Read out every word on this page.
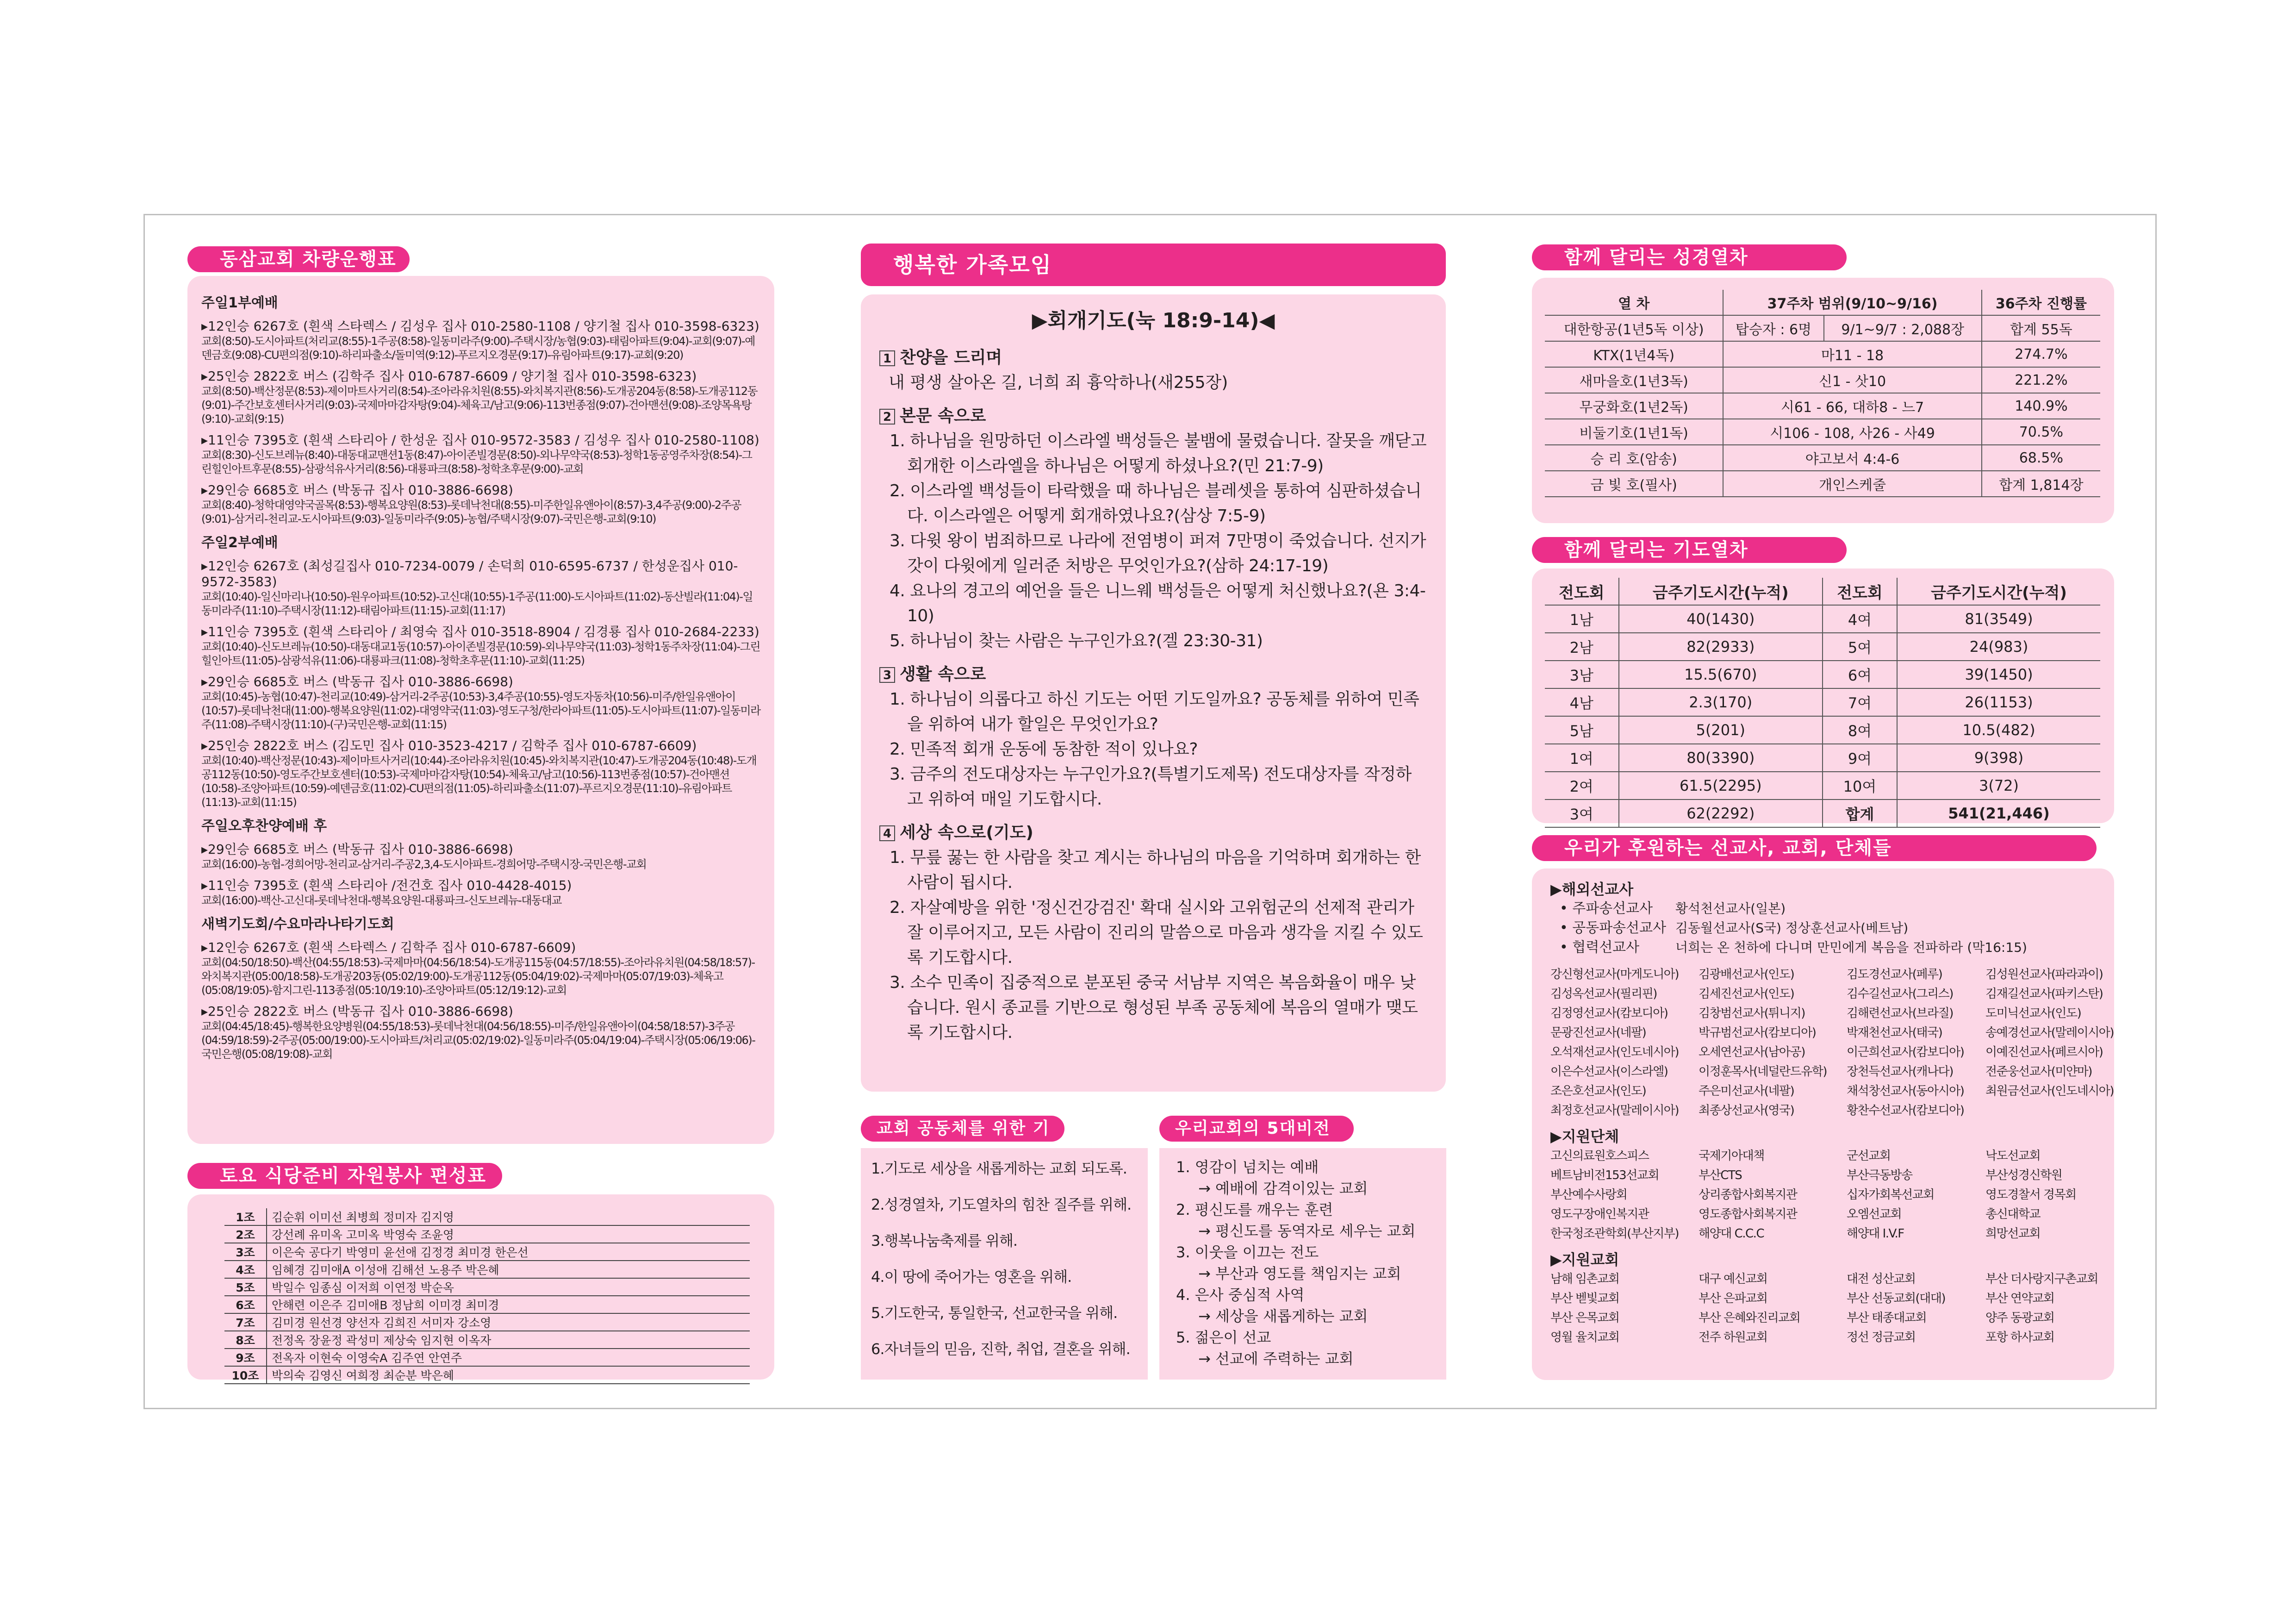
동삼교회 차량운행표
주일1부예배
▸12인승 6267호 (흰색 스타렉스 / 김성우 집사 010-2580-1108 / 양기철 집사 010-3598-6323)
교회(8:50)-도시아파트(처리교(8:55)-1주공(8:58)-일동미라주(9:00)-주택시장/농협(9:03)-태림아파트(9:04)-교회(9:07)-예덴금호(9:08)-CU편의점(9:10)-하리파출소/돌미역(9:12)-푸르지오경문(9:17)-유림아파트(9:17)-교회(9:20)
▸25인승 2822호 버스 (김학주 집사 010-6787-6609 / 양기철 집사 010-3598-6323)
교회(8:50)-백산정문(8:53)-제이마트사거리(8:54)-조아라유치원(8:55)-와치복지관(8:56)-도개공204동(8:58)-도개공112동(9:01)-주간보호센터사거리(9:03)-국제마마감자탕(9:04)-체육고/남고(9:06)-113번종점(9:07)-건아맨션(9:08)-조양목욕탕(9:10)-교회(9:15)
▸11인승 7395호 (흰색 스타리아 / 한성운 집사 010-9572-3583 / 김성우 집사 010-2580-1108)
교회(8:30)-신도브레뉴(8:40)-대동대교맨션1동(8:47)-아이존빌경문(8:50)-외나무약국(8:53)-청학1동공영주차장(8:54)-그린힐인아트후문(8:55)-삼광석유사거리(8:56)-대룡파크(8:58)-청학초후문(9:00)-교회
▸29인승 6685호 버스 (박동규 집사 010-3886-6698)
교회(8:40)-청학대영약국골목(8:53)-행복요양원(8:53)-롯데낙천대(8:55)-미주한일유앤아이(8:57)-3,4주공(9:00)-2주공(9:01)-삼거리-천리교-도시아파트(9:03)-일동미라주(9:05)-농협/주택시장(9:07)-국민은행-교회(9:10)
주일2부예배
▸12인승 6267호 (최성길집사 010-7234-0079 / 손덕희 010-6595-6737 / 한성운집사 010-9572-3583)
교회(10:40)-일신마리나(10:50)-원우아파트(10:52)-고신대(10:55)-1주공(11:00)-도시아파트(11:02)-동산빌라(11:04)-일동미라주(11:10)-주택시장(11:12)-태림아파트(11:15)-교회(11:17)
▸11인승 7395호 (흰색 스타리아 / 최영숙 집사 010-3518-8904 / 김경룡 집사 010-2684-2233)
교회(10:40)-신도브레뉴(10:50)-대동대교1동(10:57)-아이존빌경문(10:59)-외나무약국(11:03)-청학1동주차장(11:04)-그린힐인아트(11:05)-삼광석유(11:06)-대룡파크(11:08)-청학초후문(11:10)-교회(11:25)
▸29인승 6685호 버스 (박동규 집사 010-3886-6698)
교회(10:45)-농협(10:47)-천리교(10:49)-삼거리-2주공(10:53)-3,4주공(10:55)-영도자동차(10:56)-미주/한일유앤아이(10:57)-롯데낙천대(11:00)-행복요양원(11:02)-대영약국(11:03)-영도구청/한라아파트(11:05)-도시아파트(11:07)-일동미라주(11:08)-주택시장(11:10)-(구)국민은행-교회(11:15)
▸25인승 2822호 버스 (김도민 집사 010-3523-4217 / 김학주 집사 010-6787-6609)
교회(10:40)-백산정문(10:43)-제이마트사거리(10:44)-조아라유치원(10:45)-와치복지관(10:47)-도개공204동(10:48)-도개공112동(10:50)-영도주간보호센터(10:53)-국제마마감자탕(10:54)-체육고/남고(10:56)-113번종점(10:57)-건아맨션(10:58)-조양아파트(10:59)-예덴금호(11:02)-CU편의점(11:05)-하리파출소(11:07)-푸르지오경문(11:10)-유림아파트(11:13)-교회(11:15)
주일오후찬양예배 후
▸29인승 6685호 버스 (박동규 집사 010-3886-6698)
교회(16:00)-농협-경희어망-천리교-삼거리-주공2,3,4-도시아파트-경희어망-주택시장-국민은행-교회
▸11인승 7395호 (흰색 스타리아 /전건호 집사 010-4428-4015)
교회(16:00)-백산-고신대-롯데낙천대-행복요양원-대룡파크-신도브레뉴-대동대교
새벽기도회/수요마라나타기도회
▸12인승 6267호 (흰색 스타렉스 / 김학주 집사 010-6787-6609)
교회(04:50/18:50)-백산(04:55/18:53)-국제마마(04:56/18:54)-도개공115동(04:57/18:55)-조아라유치원(04:58/18:57)-와치복지관(05:00/18:58)-도개공203동(05:02/19:00)-도개공112동(05:04/19:02)-국제마마(05:07/19:03)-체육고(05:08/19:05)-함지그린-113종점(05:10/19:10)-조양아파트(05:12/19:12)-교회
▸25인승 2822호 버스 (박동규 집사 010-3886-6698)
교회(04:45/18:45)-행복한요양병원(04:55/18:53)-롯데낙천대(04:56/18:55)-미주/한일유앤아이(04:58/18:57)-3주공(04:59/18:59)-2주공(05:00/19:00)-도시아파트/처리교(05:02/19:02)-일동미라주(05:04/19:04)-주택시장(05:06/19:06)-국민은행(05:08/19:08)-교회
토요 식당준비 자원봉사 편성표
1조	김순휘 이미선 최병희 정미자 김지영
2조	강선례 유미옥 고미옥 박영숙 조윤영
3조	이은숙 공다기 박영미 윤선애 김정경 최미경 한은선
4조	임혜경 김미애A 이성애 김해선 노용주 박은혜
5조	박일수 임종심 이저희 이연정 박순옥
6조	안해련 이은주 김미애B 정남희 이미경 최미경
7조	김미경 원선경 양선자 김희진 서미자 강소영
8조	전정옥 장윤정 곽성미 제상숙 임지현 이옥자
9조	전옥자 이현숙 이영숙A 김주연 안연주
10조	박의숙 김영신 여희정 최순분 박은혜
행복한 가족모임
▶회개기도(눅 18:9-14)◀
1 찬양을 드리며
내 평생 살아온 길, 너희 죄 흉악하나(새255장)
2 본문 속으로
1. 하나님을 원망하던 이스라엘 백성들은 불뱀에 물렸습니다. 잘못을 깨닫고 회개한 이스라엘을 하나님은 어떻게 하셨나요?(민 21:7-9)
2. 이스라엘 백성들이 타락했을 때 하나님은 블레셋을 통하여 심판하셨습니다. 이스라엘은 어떻게 회개하였나요?(삼상 7:5-9)
3. 다윗 왕이 범죄하므로 나라에 전염병이 퍼져 7만명이 죽었습니다. 선지가 갓이 다윗에게 일러준 처방은 무엇인가요?(삼하 24:17-19)
4. 요나의 경고의 예언을 들은 니느웨 백성들은 어떻게 처신했나요?(욘 3:4-10)
5. 하나님이 찾는 사람은 누구인가요?(겔 23:30-31)
3 생활 속으로
1. 하나님이 의롭다고 하신 기도는 어떤 기도일까요? 공동체를 위하여 민족을 위하여 내가 할일은 무엇인가요?
2. 민족적 회개 운동에 동참한 적이 있나요?
3. 금주의 전도대상자는 누구인가요?(특별기도제목) 전도대상자를 작정하고 위하여 매일 기도합시다.
4 세상 속으로(기도)
1. 무릎 꿇는 한 사람을 찾고 계시는 하나님의 마음을 기억하며 회개하는 한 사람이 됩시다.
2. 자살예방을 위한 '정신건강검진' 확대 실시와 고위험군의 선제적 관리가 잘 이루어지고, 모든 사람이 진리의 말씀으로 마음과 생각을 지킬 수 있도록 기도합시다.
3. 소수 민족이 집중적으로 분포된 중국 서남부 지역은 복음화율이 매우 낮습니다. 원시 종교를 기반으로 형성된 부족 공동체에 복음의 열매가 맺도록 기도합시다.
교회 공동체를 위한 기
1.기도로 세상을 새롭게하는 교회 되도록.
2.성경열차, 기도열차의 힘찬 질주를 위해.
3.행복나눔축제를 위해.
4.이 땅에 죽어가는 영혼을 위해.
5.기도한국, 통일한국, 선교한국을 위해.
6.자녀들의 믿음, 진학, 취업, 결혼을 위해.
우리교회의 5대비전
1. 영감이 넘치는 예배
→ 예배에 감격이있는 교회
2. 평신도를 깨우는 훈련
→ 평신도를 동역자로 세우는 교회
3. 이웃을 이끄는 전도
→ 부산과 영도를 책임지는 교회
4. 은사 중심적 사역
→ 세상을 새롭게하는 교회
5. 젊은이 선교
→ 선교에 주력하는 교회
함께 달리는 성경열차
열 차	37주차 범위(9/10~9/16)		36주차 진행률
대한항공(1년5독 이상)	탑승자 : 6명	9/1~9/7 : 2,088장	합계 55독
KTX(1년4독)	마11 - 18		274.7%
새마을호(1년3독)	신1 - 삿10		221.2%
무궁화호(1년2독)	시61 - 66, 대하8 - 느7		140.9%
비둘기호(1년1독)	시106 - 108, 사26 - 사49		70.5%
승 리 호(암송)	야고보서 4:4-6		68.5%
금 빛 호(필사)	개인스케줄		합계 1,814장
함께 달리는 기도열차
전도회	금주기도시간(누적)	전도회	금주기도시간(누적)
1남	40(1430)	4여	81(3549)
2남	82(2933)	5여	24(983)
3남	15.5(670)	6여	39(1450)
4남	2.3(170)	7여	26(1153)
5남	5(201)	8여	10.5(482)
1여	80(3390)	9여	9(398)
2여	61.5(2295)	10여	3(72)
3여	62(2292)	합계	541(21,446)
우리가 후원하는 선교사, 교회, 단체들
▶해외선교사
• 주파송선교사	황석천선교사(일본)
• 공동파송선교사 김동월선교사(S국) 정상훈선교사(베트남)
• 협력선교사	너희는 온 천하에 다니며 만민에게 복음을 전파하라 (막16:15)
강신형선교사(마게도니아)	김광배선교사(인도)	김도경선교사(페루)	김성원선교사(파라과이)
김성옥선교사(필리핀)	김세진선교사(인도)	김수길선교사(그리스)	김재길선교사(파키스탄)
김정영선교사(캄보디아)	김창범선교사(튀니지)	김해련선교사(브라질)	도미닉선교사(인도)
문광진선교사(네팔)	박규범선교사(캄보디아)	박재천선교사(태국)	송예경선교사(말레이시아)
오석재선교사(인도네시아)	오세연선교사(남아공)	이근희선교사(캄보디아)	이예진선교사(페르시아)
이은수선교사(이스라엘)	이정훈목사(네덜란드유학)	장천득선교사(캐나다)	전준웅선교사(미얀마)
조은호선교사(인도)	주은미선교사(네팔)	채석창선교사(동아시아)	최원금선교사(인도네시아)
최정호선교사(말레이시아)	최종상선교사(영국)	황찬수선교사(캄보디아)
▶지원단체
고신의료원호스피스	국제기아대책	군선교회	낙도선교회
베트남비전153선교회	부산CTS	부산극동방송	부산성경신학원
부산예수사랑회	상리종합사회복지관	십자가회복선교회	영도경찰서 경목회
영도구장애인복지관	영도종합사회복지관	오엠선교회	총신대학교
한국청조관학회(부산지부)	해양대 C.C.C	해양대 I.V.F	희망선교회
▶지원교회
남해 임촌교회	대구 예신교회	대전 성산교회	부산 더사랑지구촌교회
부산 벧빛교회	부산 은파교회	부산 선동교회(대대)	부산 연약교회
부산 은목교회	부산 은혜와진리교회	부산 태종대교회	양주 동광교회
영월 율치교회	전주 하원교회	정선 정금교회	포항 하사교회
